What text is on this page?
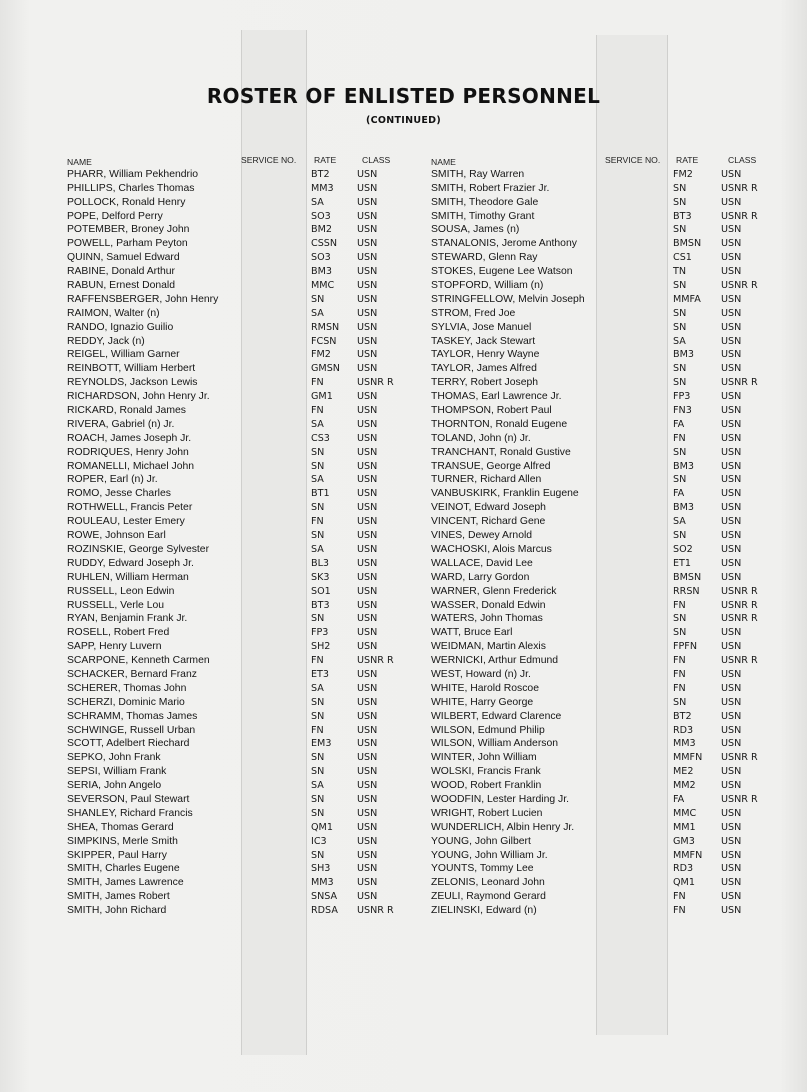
ROSTER OF ENLISTED PERSONNEL
(CONTINUED)
NAME	SERVICE NO. RATE	CLASS
PHARR, William Pekhendrio	BT2	USN
PHILLIPS, Charles Thomas	MM3 USN
POLLOCK, Ronald Henry	SA	USN
POPE, Delford Perry	SO3	USN
POTEMBER, Broney John	BM2	USN
POWELL, Parham Peyton	CSSN USN
QUINN, Samuel Edward	SO3	USN
RABINE, Donald Arthur	BM3	USN
RABUN, Ernest Donald	MMC USN
RAFFENSBERGER, John Henry	SN	USN
RAIMON, Walter (n)	SA	USN
RANDO, Ignazio Guilio	RMSN USN
REDDY, Jack (n)	FCSN USN
REIGEL, William Garner	FM2	USN
REINBOTT, William Herbert	GMSN USN
REYNOLDS, Jackson Lewis	FN	USNR R
RICHARDSON, John Henry Jr.	GM1	USN
RICKARD, Ronald James	FN	USN
RIVERA, Gabriel (n) Jr.	SA	USN
ROACH, James Joseph Jr.	CS3	USN
RODRIQUES, Henry John	SN	USN
ROMANELLI, Michael John	SN	USN
ROPER, Earl (n) Jr.	SA	USN
ROMO, Jesse Charles	BT1	USN
ROTHWELL, Francis Peter	SN	USN
ROULEAU, Lester Emery	FN	USN
ROWE, Johnson Earl	SN	USN
ROZINSKIE, George Sylvester	SA	USN
RUDDY, Edward Joseph Jr.	BL3	USN
RUHLEN, William Herman	SK3	USN
RUSSELL, Leon Edwin	SO1	USN
RUSSELL, Verle Lou	BT3	USN
RYAN, Benjamin Frank Jr.	SN	USN
ROSELL, Robert Fred	FP3	USN
SAPP, Henry Luvern	SH2	USN
SCARPONE, Kenneth Carmen	FN	USNR R
SCHACKER, Bernard Franz	ET3	USN
SCHERER, Thomas John	SA	USN
SCHERZI, Dominic Mario	SN	USN
SCHRAMM, Thomas James	SN	USN
SCHWINGE, Russell Urban	FN	USN
SCOTT, Adelbert Riechard	EM3	USN
SEPKO, John Frank	SN	USN
SEPSI, William Frank	SN	USN
SERIA, John Angelo	SA	USN
SEVERSON, Paul Stewart	SN	USN
SHANLEY, Richard Francis	SN	USN
SHEA, Thomas Gerard	QM1	USN
SIMPKINS, Merle Smith	IC3	USN
SKIPPER, Paul Harry	SN	USN
SMITH, Charles Eugene	SH3	USN
SMITH, James Lawrence	MM3 USN
SMITH, James Robert	SNSA USN
SMITH, John Richard	RDSA USNR R
NAME	SERVICE NO. RATE	CLASS
SMITH, Ray Warren	FM2	USN
SMITH, Robert Frazier Jr.	SN	USNR R
SMITH, Theodore Gale	SN	USN
SMITH, Timothy Grant	BT3	USNR R
SOUSA, James (n)	SN	USN
STANALONIS, Jerome Anthony	BMSN USN
STEWARD, Glenn Ray	CS1	USN
STOKES, Eugene Lee Watson	TN	USN
STOPFORD, William (n)	SN	USNR R
STRINGFELLOW, Melvin Joseph	MMFA USN
STROM, Fred Joe	SN	USN
SYLVIA, Jose Manuel	SN	USN
TASKEY, Jack Stewart	SA	USN
TAYLOR, Henry Wayne	BM3	USN
TAYLOR, James Alfred	SN	USN
TERRY, Robert Joseph	SN	USNR R
THOMAS, Earl Lawrence Jr.	FP3	USN
THOMPSON, Robert Paul	FN3	USN
THORNTON, Ronald Eugene	FA	USN
TOLAND, John (n) Jr.	FN	USN
TRANCHANT, Ronald Gustive	SN	USN
TRANSUE, George Alfred	BM3	USN
TURNER, Richard Allen	SN	USN
VANBUSKIRK, Franklin Eugene	FA	USN
VEINOT, Edward Joseph	BM3	USN
VINCENT, Richard Gene	SA	USN
VINES, Dewey Arnold	SN	USN
WACHOSKI, Alois Marcus	SO2	USN
WALLACE, David Lee	ET1	USN
WARD, Larry Gordon	BMSN USN
WARNER, Glenn Frederick	RRSN USNR R
WASSER, Donald Edwin	FN	USNR R
WATERS, John Thomas	SN	USNR R
WATT, Bruce Earl	SN	USN
WEIDMAN, Martin Alexis	FPFN	USN
WERNICKI, Arthur Edmund	FN	USNR R
WEST, Howard (n) Jr.	FN	USN
WHITE, Harold Roscoe	FN	USN
WHITE, Harry George	SN	USN
WILBERT, Edward Clarence	BT2	USN
WILSON, Edmund Philip	RD3	USN
WILSON, William Anderson	MM3	USN
WINTER, John William	MMFN USNR R
WOLSKI, Francis Frank	ME2	USN
WOOD, Robert Franklin	MM2	USN
WOODFIN, Lester Harding Jr.	FA	USNR R
WRIGHT, Robert Lucien	MMC	USN
WUNDERLICH, Albin Henry Jr.	MM1	USN
YOUNG, John Gilbert	GM3	USN
YOUNG, John William Jr.	MMFN USN
YOUNTS, Tommy Lee	RD3	USN
ZELONIS, Leonard John	QM1	USN
ZEULI, Raymond Gerard	FN	USN
ZIELINSKI, Edward (n)	FN	USN
